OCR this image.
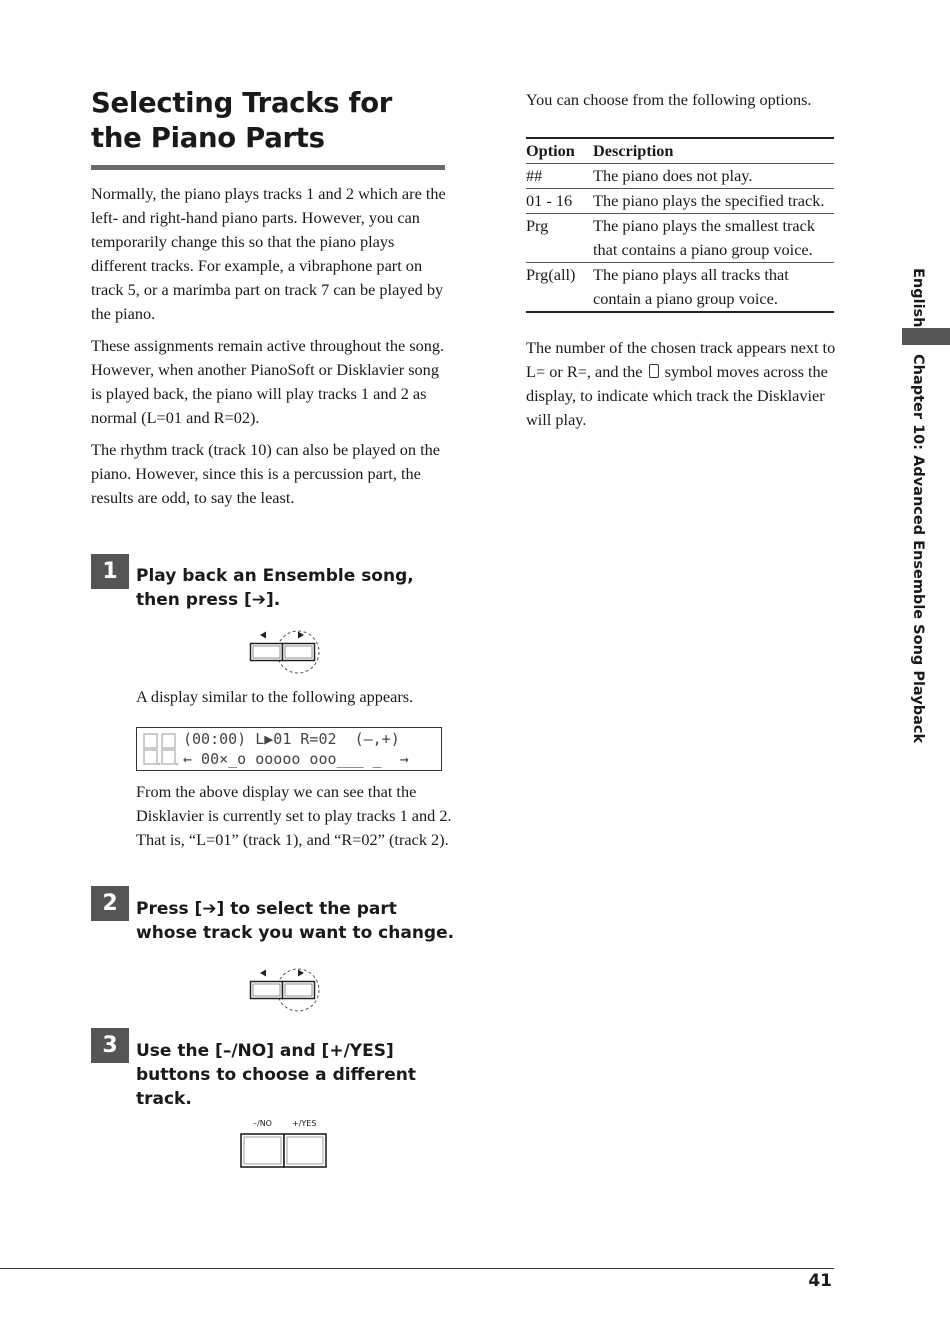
Selecting Tracks for the Piano Parts

Normally, the piano plays tracks 1 and 2 which are the left- and right-hand piano parts. However, you can temporarily change this so that the piano plays different tracks. For example, a vibraphone part on track 5, or a marimba part on track 7 can be played by the piano.

These assignments remain active throughout the song. However, when another PianoSoft or Disklavier song is played back, the piano will play tracks 1 and 2 as normal (L=01 and R=02).

The rhythm track (track 10) can also be played on the piano. However, since this is a percussion part, the results are odd, to say the least.

1	Play back an Ensemble song, then press [➔].

A display similar to the following appears.

(00:00) L▶01 R=02  (–,+)
← 00×_o ooooo ooo___ _  →

From the above display we can see that the Disklavier is currently set to play tracks 1 and 2. That is, “L=01” (track 1), and “R=02” (track 2).

2	Press [➔] to select the part whose track you want to change.
3	Use the [–/NO] and [+/YES] buttons to choose a different track.
–/NO	+/YES

You can choose from the following options.

Option	Description
##	The piano does not play.
01 - 16	The piano plays the specified track.
Prg	The piano plays the smallest track that contains a piano group voice.
Prg(all)	The piano plays all tracks that contain a piano group voice.

The number of the chosen track appears next to L= or R=, and the symbol moves across the display, to indicate which track the Disklavier will play.

English
Chapter 10: Advanced Ensemble Song Playback
41
